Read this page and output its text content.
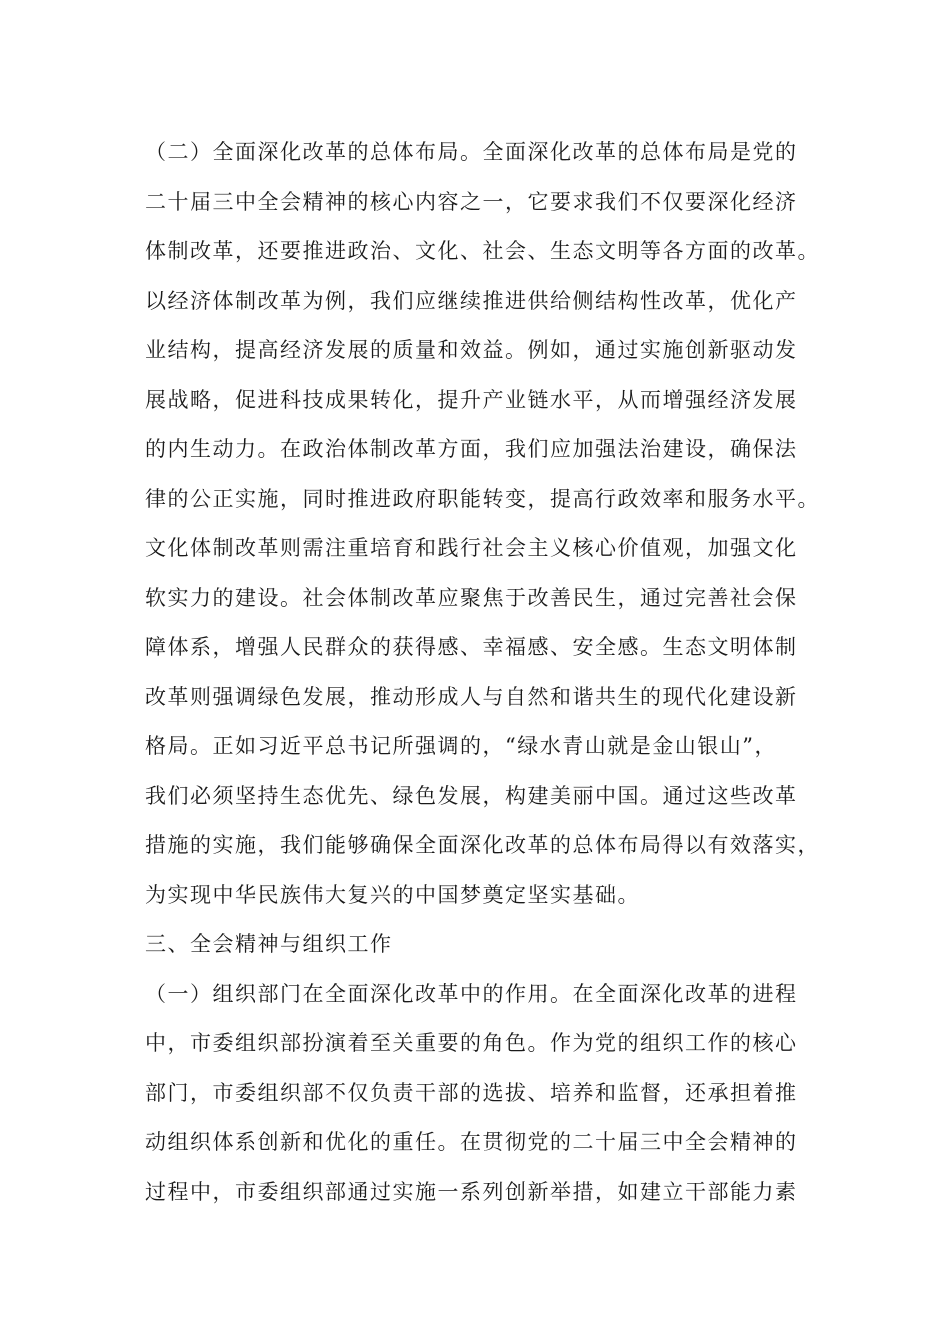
（二）全面深化改革的总体布局。全面深化改革的总体布局是党的
二十届三中全会精神的核心内容之一，它要求我们不仅要深化经济
体制改革，还要推进政治、文化、社会、生态文明等各方面的改革。
以经济体制改革为例，我们应继续推进供给侧结构性改革，优化产
业结构，提高经济发展的质量和效益。例如，通过实施创新驱动发
展战略，促进科技成果转化，提升产业链水平，从而增强经济发展
的内生动力。在政治体制改革方面，我们应加强法治建设，确保法
律的公正实施，同时推进政府职能转变，提高行政效率和服务水平。
文化体制改革则需注重培育和践行社会主义核心价值观，加强文化
软实力的建设。社会体制改革应聚焦于改善民生，通过完善社会保
障体系，增强人民群众的获得感、幸福感、安全感。生态文明体制
改革则强调绿色发展，推动形成人与自然和谐共生的现代化建设新
格局。正如习近平总书记所强调的，“绿水青山就是金山银山”，
我们必须坚持生态优先、绿色发展，构建美丽中国。通过这些改革
措施的实施，我们能够确保全面深化改革的总体布局得以有效落实，
为实现中华民族伟大复兴的中国梦奠定坚实基础。
三、全会精神与组织工作
（一）组织部门在全面深化改革中的作用。在全面深化改革的进程
中，市委组织部扮演着至关重要的角色。作为党的组织工作的核心
部门，市委组织部不仅负责干部的选拔、培养和监督，还承担着推
动组织体系创新和优化的重任。在贯彻党的二十届三中全会精神的
过程中，市委组织部通过实施一系列创新举措，如建立干部能力素
